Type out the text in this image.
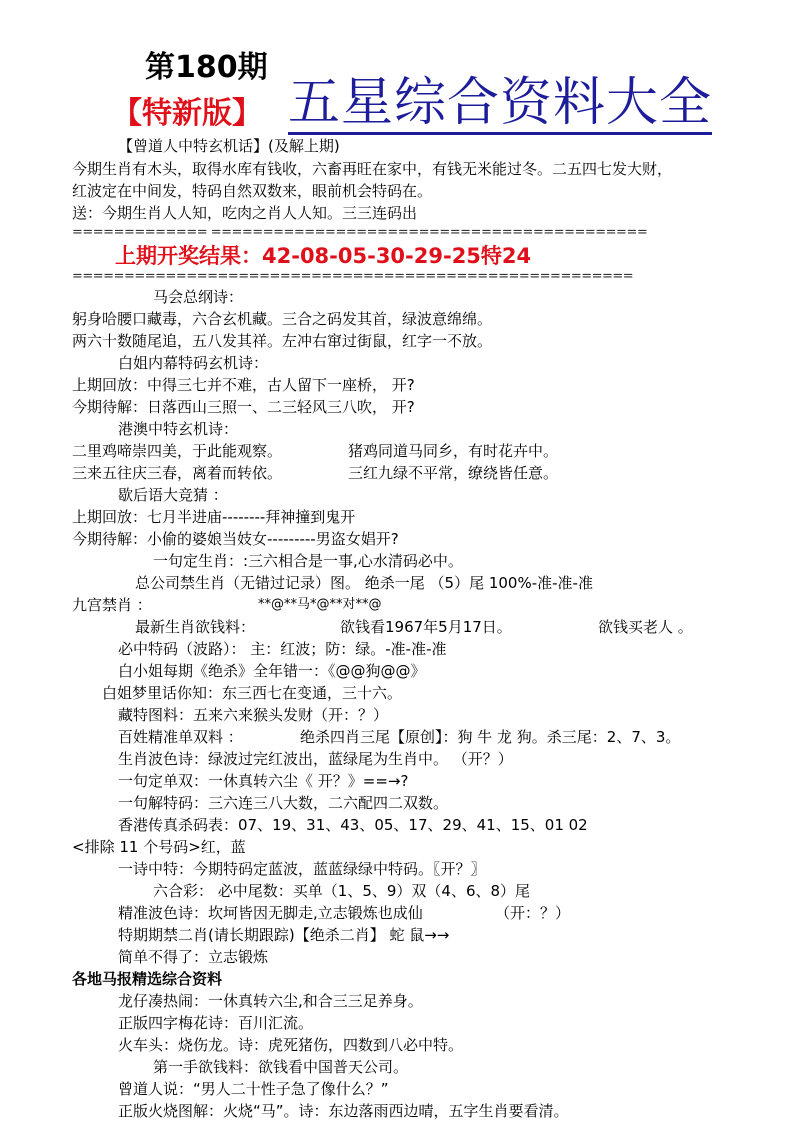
第180期
【特新版】 五星综合资料大全
【曾道人中特玄机话】(及解上期)
今期生肖有木头，取得水库有钱收，六畜再旺在家中，有钱无米能过冬。二五四七发大财，
红波定在中间发，特码自然双数来，眼前机会特码在。
送：今期生肖人人知，吃肉之肖人人知。三三连码出
============= ==========================================
上期开奖结果：42-08-05-30-29-25特24
======================================================
马会总纲诗：
躬身哈腰口藏毒，六合玄机藏。三合之码发其首，绿波意绵绵。
两六十数随尾追，五八发其祥。左冲右窜过街鼠，红字一不放。
白姐内幕特码玄机诗：
上期回放：中得三七并不难，古人留下一座桥， 开?
今期待解：日落西山三照一、二三轻风三八吹， 开?
港澳中特玄机诗：
二里鸡啼崇四美，于此能观察。	猪鸡同道马同乡，有时花卉中。
三来五往庆三春，离着而转依。	三红九绿不平常，缭绕皆任意。
歇后语大竞猜 ：
上期回放：七月半进庙--------拜神撞到鬼开
今期待解：小偷的婆娘当妓女---------男盗女娼开?
一句定生肖：:三六相合是一事,心水清码必中。
总公司禁生肖（无错过记录）图。 绝杀一尾 （5）尾 100%-准-准-准
九宫禁肖 ：	**@**马*@**对**@
最新生肖欲钱料：	欲钱看1967年5月17日。	欲钱买老人 。
必中特码（波路）： 主：红波；防：绿。-准-准-准
白小姐每期《绝杀》全年错一：《@@狗@@》
白姐梦里话你知：东三西七在变通，三十六。
藏特图料：五来六来猴头发财（开：？）
百姓精准单双料 ：	绝杀四肖三尾【原创】：狗 牛 龙 狗。杀三尾：2、7、3。
生肖波色诗：绿波过完红波出，蓝绿尾为生肖中。 （开？）
一句定单双：一休真转六尘《 开？》==→?
一句解特码：三六连三八大数，二六配四二双数。
香港传真杀码表：07、19、31、43、05、17、29、41、15、01 02
<排除 11 个号码>红，蓝
一诗中特：今期特码定蓝波，蓝蓝绿绿中特码。〖开？〗
六合彩： 必中尾数：买单（1、5、9）双（4、6、8）尾
精准波色诗：坎坷皆因无脚走,立志锻炼也成仙	（开：？）
特期期禁二肖(请长期跟踪)【绝杀二肖】 蛇 鼠→→
简单不得了：立志锻炼
各地马报精选综合资料
龙仔凑热闹：一休真转六尘,和合三三足养身。
正版四字梅花诗：百川汇流。
火车头：烧伤龙。诗：虎死猪伤，四数到八必中特。
第一手欲钱料：欲钱看中国普天公司。
曾道人说：“男人二十性子急了像什么？”
正版火烧图解：火烧“马”。诗：东边落雨西边晴，五字生肖要看清。
